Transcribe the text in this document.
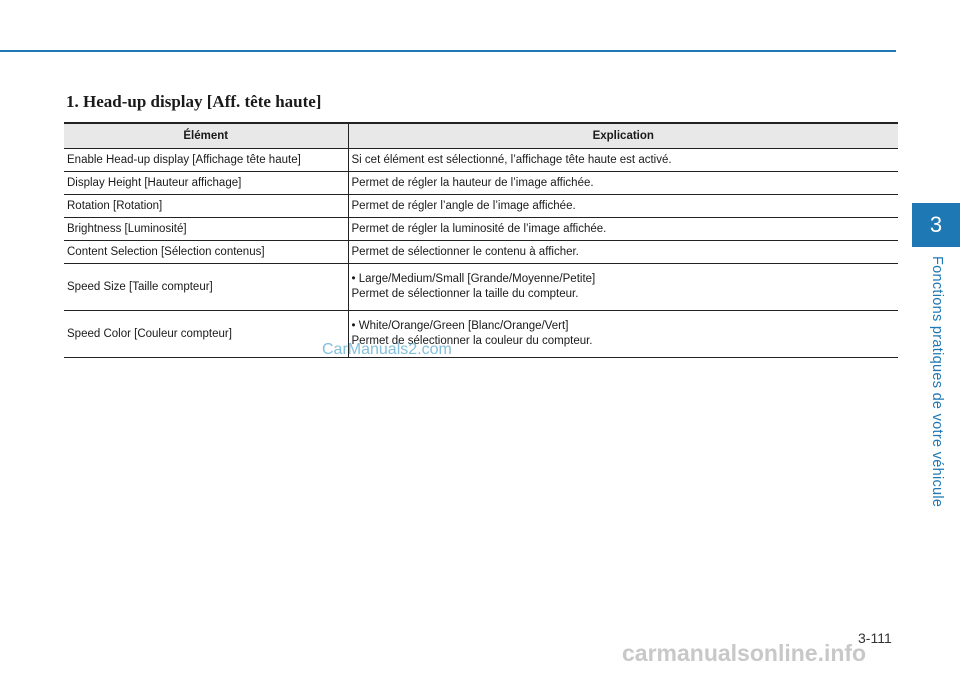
1. Head-up display [Aff. tête haute]
Élément	Explication
Enable Head-up display [Affichage tête haute]	Si cet élément est sélectionné, l’affichage tête haute est activé.
Display Height [Hauteur affichage]	Permet de régler la hauteur de l’image affichée.
Rotation [Rotation]	Permet de régler l’angle de l’image affichée.
Brightness [Luminosité]	Permet de régler la luminosité de l’image affichée.
Content Selection [Sélection contenus]	Permet de sélectionner le contenu à afficher.
Speed Size [Taille compteur]	• Large/Medium/Small [Grande/Moyenne/Petite]
Permet de sélectionner la taille du compteur.

Speed Color [Couleur compteur]	• White/Orange/Green [Blanc/Orange/Vert]
Permet de sélectionner la couleur du compteur.
CarManuals2.com
3
Fonctions pratiques de votre véhicule
3-111
carmanualsonline.info
